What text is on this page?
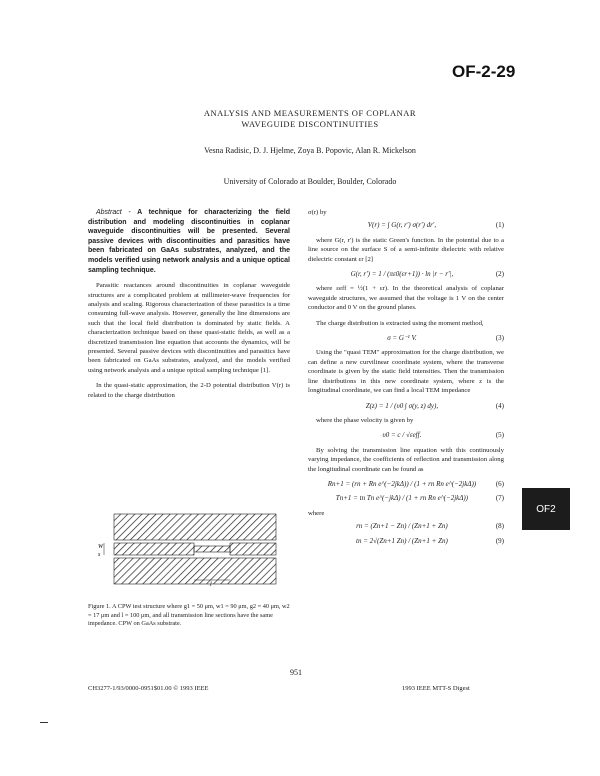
OF-2-29
ANALYSIS AND MEASUREMENTS OF COPLANAR
WAVEGUIDE DISCONTINUITIES
Vesna Radisic, D. J. Hjelme, Zoya B. Popovic, Alan R. Mickelson
University of Colorado at Boulder, Boulder, Colorado

Abstract - A technique for characterizing the field distribution and modeling discontinuities in coplanar waveguide discontinuities will be presented. Several passive devices with discontinuities and parasitics have been fabricated on GaAs substrates, analyzed, and the models verified using network analysis and a unique optical sampling technique.

Parasitic reactances around discontinuities in coplanar waveguide structures are a complicated problem at millimeter-wave frequencies for analysis and scaling. Rigorous characterization of these parasitics is a time consuming full-wave analysis. However, generally the line dimensions are such that the local field distribution is dominated by static fields. A characterization technique based on these quasi-static fields, as well as a discretized transmission line equation that accounts the dynamics, will be presented. Several passive devices with discontinuities and parasitics have been fabricated on GaAs substrates, analyzed, and the models verified using network analysis and a unique optical sampling technique [1].

In the quasi-static approximation, the 2-D potential distribution V(r) is related to the charge distribution

W
s
l
Figure 1. A CPW test structure where g1 = 50 μm, w1 = 90 μm, g2 = 40 μm, w2 = 17 μm and l = 100 μm, and all transmission line sections have the same impedance. CPW on GaAs substrate.
σ(r) by
V(r) = ∫ G(r, r′) σ(r′) dr′,	(1)

where G(r, r′) is the static Green's function. In the potential due to a line source on the surface S of a semi-infinite dielectric with relative dielectric constant εr [2]

G(r, r′) = 1 / (πε0(εr+1)) · ln |r − r′|,	(2)

where εeff = ½(1 + εr). In the theoretical analysis of coplanar waveguide structures, we assumed that the voltage is 1 V on the center conductor and 0 V on the ground planes.

The charge distribution is extracted using the moment method,

σ = G⁻¹ V.	(3)

Using the "quasi TEM" approximation for the charge distribution, we can define a new curvilinear coordinate system, where the transverse coordinate is given by the static field intensities. Then the transmission line distributions in this new coordinate system, where z is the longitudinal coordinate, we can find a local TEM impedance

Z(z) = 1 / (υ0 ∫ σ(y, z) dy),	(4)

where the phase velocity is given by

υ0 = c / √εeff.	(5)

By solving the transmission line equation with this continuously varying impedance, the coefficients of reflection and transmission along the longitudinal coordinate can be found as

Rn+1 = (rn + Rn e^(−2jkΔ)) / (1 + rn Rn e^(−2jkΔ))	(6)
Tn+1 = tn Tn e^(−jkΔ) / (1 + rn Rn e^(−2jkΔ))	(7)
where
rn = (Zn+1 − Zn) / (Zn+1 + Zn)	(8)
tn = 2√(Zn+1 Zn) / (Zn+1 + Zn)	(9)
OF2
951
CH3277-1/93/0000-0951$01.00 © 1993 IEEE	1993 IEEE MTT-S Digest
